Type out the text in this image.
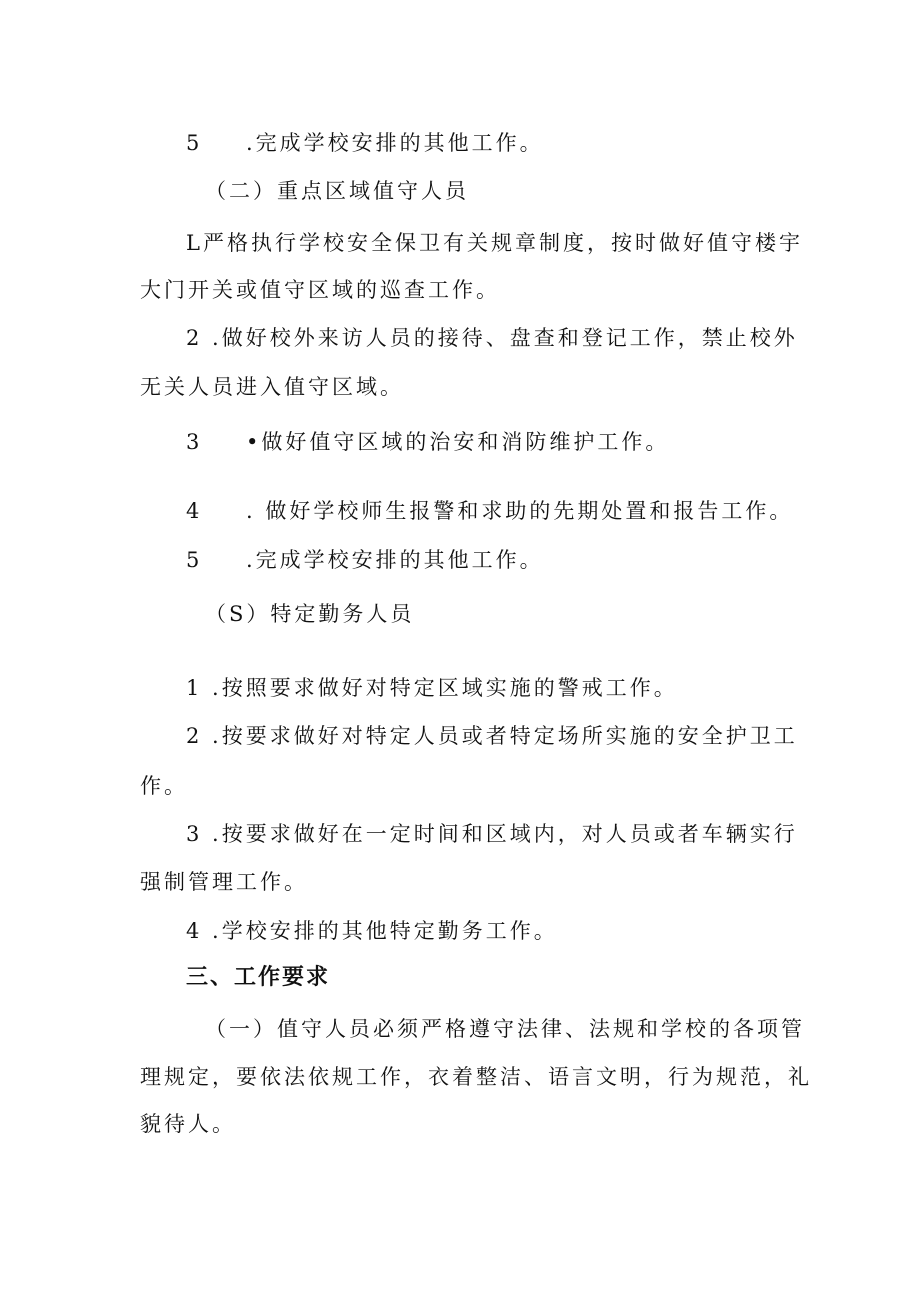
5 .完成学校安排的其他工作。
（二）重点区域值守人员
L严格执行学校安全保卫有关规章制度，按时做好值守楼宇
大门开关或值守区域的巡查工作。
2 .做好校外来访人员的接待、盘查和登记工作，禁止校外
无关人员进入值守区域。
3 •做好值守区域的治安和消防维护工作。
4 . 做好学校师生报警和求助的先期处置和报告工作。
5 .完成学校安排的其他工作。
（S）特定勤务人员
1 .按照要求做好对特定区域实施的警戒工作。
2 .按要求做好对特定人员或者特定场所实施的安全护卫工
作。
3 .按要求做好在一定时间和区域内，对人员或者车辆实行
强制管理工作。
4 .学校安排的其他特定勤务工作。
三、工作要求
（一）值守人员必须严格遵守法律、法规和学校的各项管
理规定，要依法依规工作，衣着整洁、语言文明，行为规范，礼
貌待人。
